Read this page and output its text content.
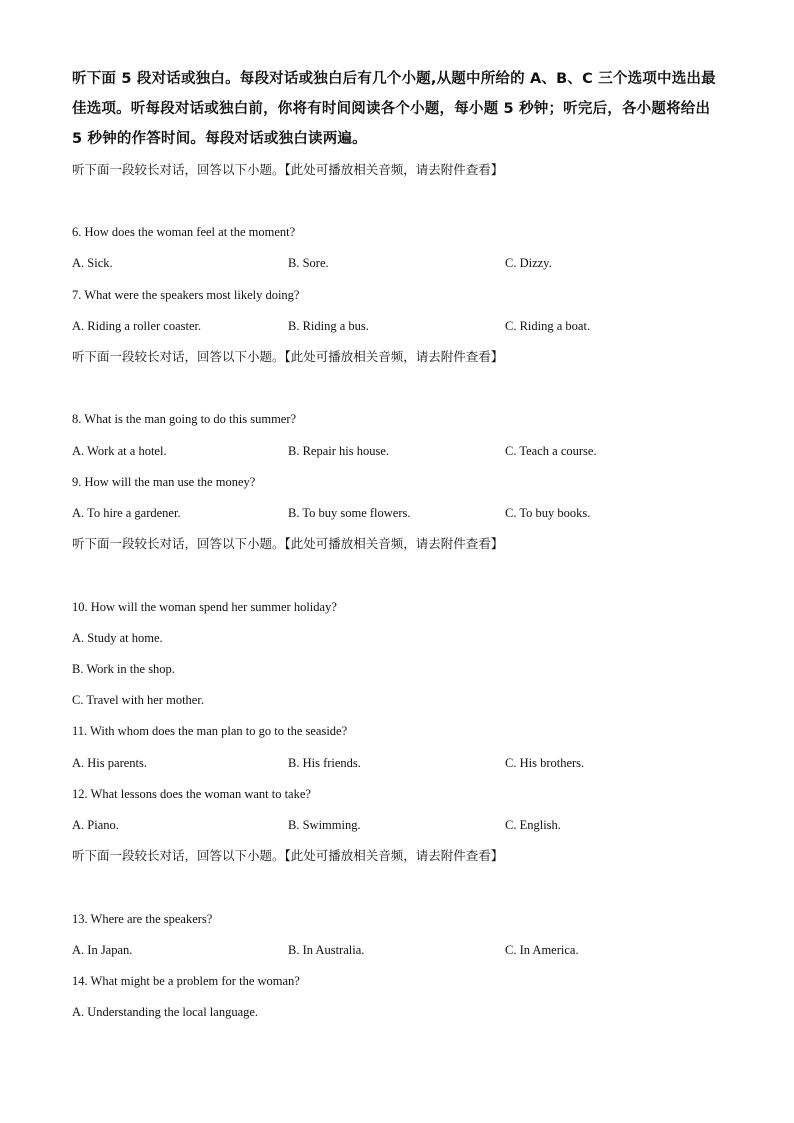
听下面 5 段对话或独白。每段对话或独白后有几个小题,从题中所给的 A、B、C 三个选项中选出最佳选项。听每段对话或独白前，你将有时间阅读各个小题，每小题 5 秒钟；听完后，各小题将给出 5 秒钟的作答时间。每段对话或独白读两遍。
听下面一段较长对话，回答以下小题。【此处可播放相关音频，请去附件查看】
6. How does the woman feel at the moment?
A. Sick.	B. Sore.	C. Dizzy.
7. What were the speakers most likely doing?
A. Riding a roller coaster.	B. Riding a bus.	C. Riding a boat.
听下面一段较长对话，回答以下小题。【此处可播放相关音频，请去附件查看】
8. What is the man going to do this summer?
A. Work at a hotel.	B. Repair his house.	C. Teach a course.
9. How will the man use the money?
A. To hire a gardener.	B. To buy some flowers.	C. To buy books.
听下面一段较长对话，回答以下小题。【此处可播放相关音频，请去附件查看】
10. How will the woman spend her summer holiday?
A. Study at home.
B. Work in the shop.
C. Travel with her mother.
11. With whom does the man plan to go to the seaside?
A. His parents.	B. His friends.	C. His brothers.
12. What lessons does the woman want to take?
A. Piano.	B. Swimming.	C. English.
听下面一段较长对话，回答以下小题。【此处可播放相关音频，请去附件查看】
13. Where are the speakers?
A. In Japan.	B. In Australia.	C. In America.
14. What might be a problem for the woman?
A. Understanding the local language.
